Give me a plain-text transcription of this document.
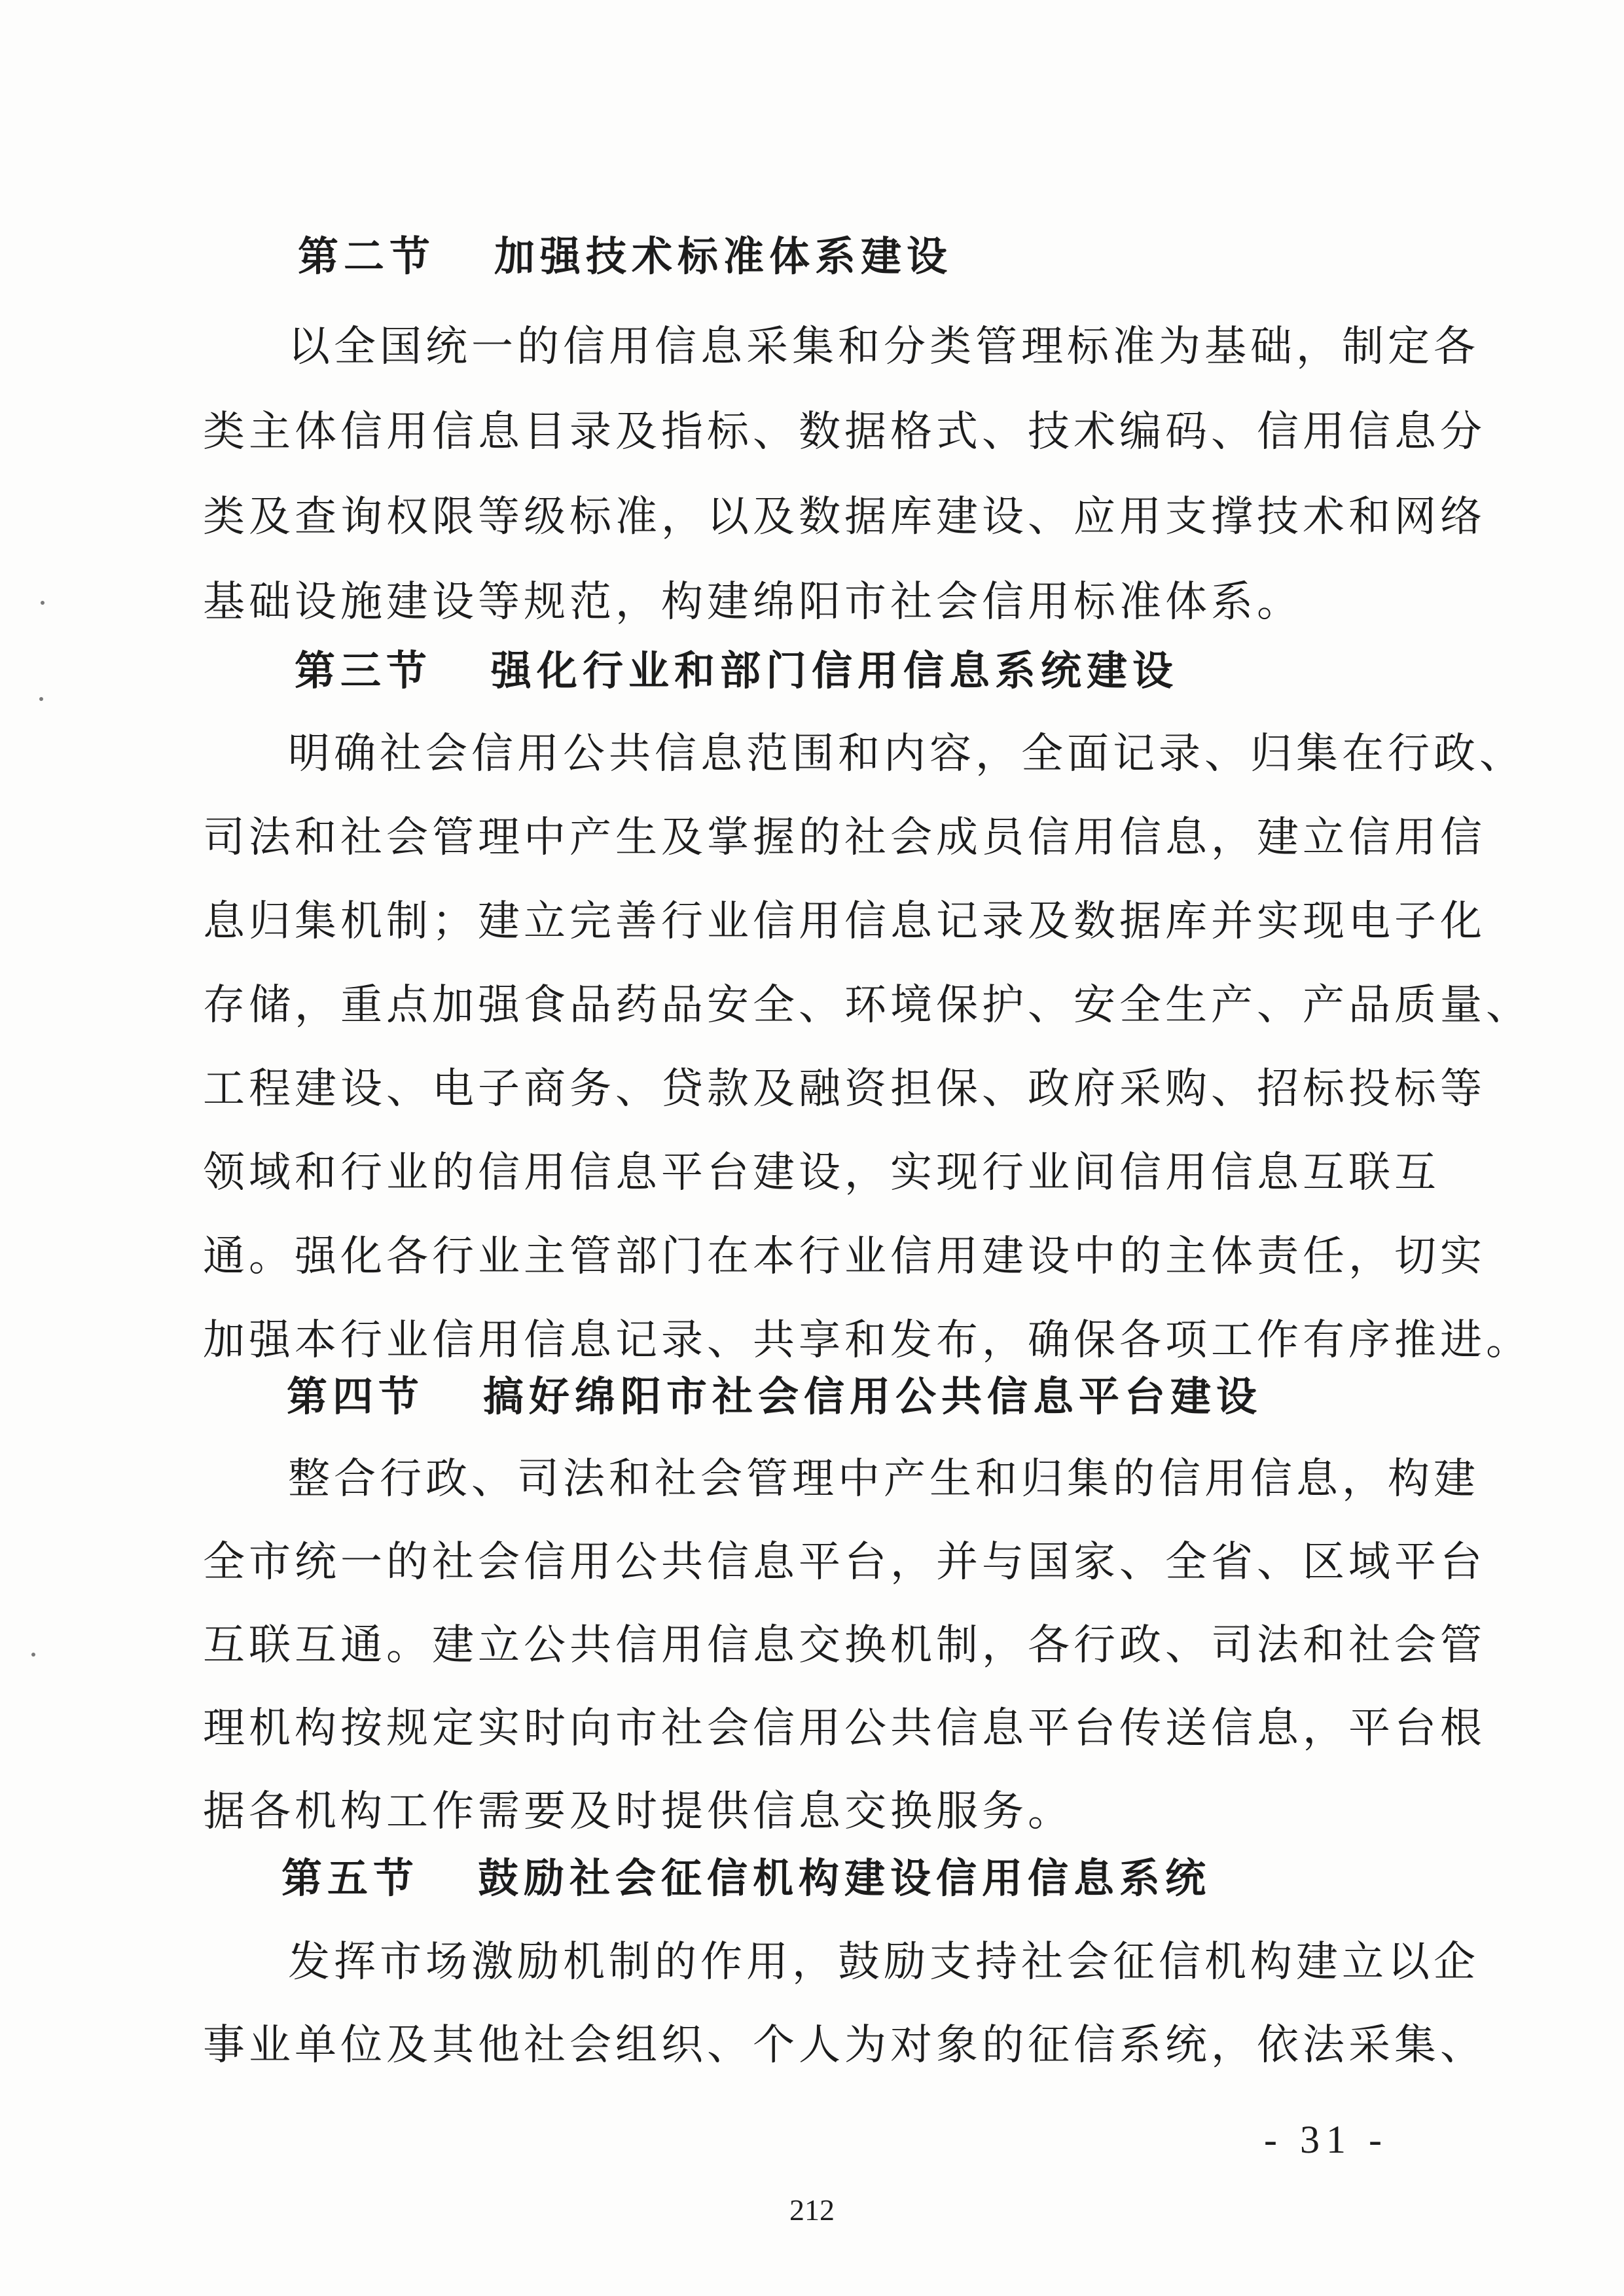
第二节 加强技术标准体系建设
以全国统一的信用信息采集和分类管理标准为基础，制定各
类主体信用信息目录及指标、数据格式、技术编码、信用信息分
类及查询权限等级标准，以及数据库建设、应用支撑技术和网络
基础设施建设等规范，构建绵阳市社会信用标准体系。
第三节 强化行业和部门信用信息系统建设
明确社会信用公共信息范围和内容，全面记录、归集在行政、
司法和社会管理中产生及掌握的社会成员信用信息，建立信用信
息归集机制；建立完善行业信用信息记录及数据库并实现电子化
存储，重点加强食品药品安全、环境保护、安全生产、产品质量、
工程建设、电子商务、贷款及融资担保、政府采购、招标投标等
领域和行业的信用信息平台建设，实现行业间信用信息互联互
通。强化各行业主管部门在本行业信用建设中的主体责任，切实
加强本行业信用信息记录、共享和发布，确保各项工作有序推进。
第四节 搞好绵阳市社会信用公共信息平台建设
整合行政、司法和社会管理中产生和归集的信用信息，构建
全市统一的社会信用公共信息平台，并与国家、全省、区域平台
互联互通。建立公共信用信息交换机制，各行政、司法和社会管
理机构按规定实时向市社会信用公共信息平台传送信息，平台根
据各机构工作需要及时提供信息交换服务。
第五节 鼓励社会征信机构建设信用信息系统
发挥市场激励机制的作用，鼓励支持社会征信机构建立以企
事业单位及其他社会组织、个人为对象的征信系统，依法采集、
- 31 -
212
